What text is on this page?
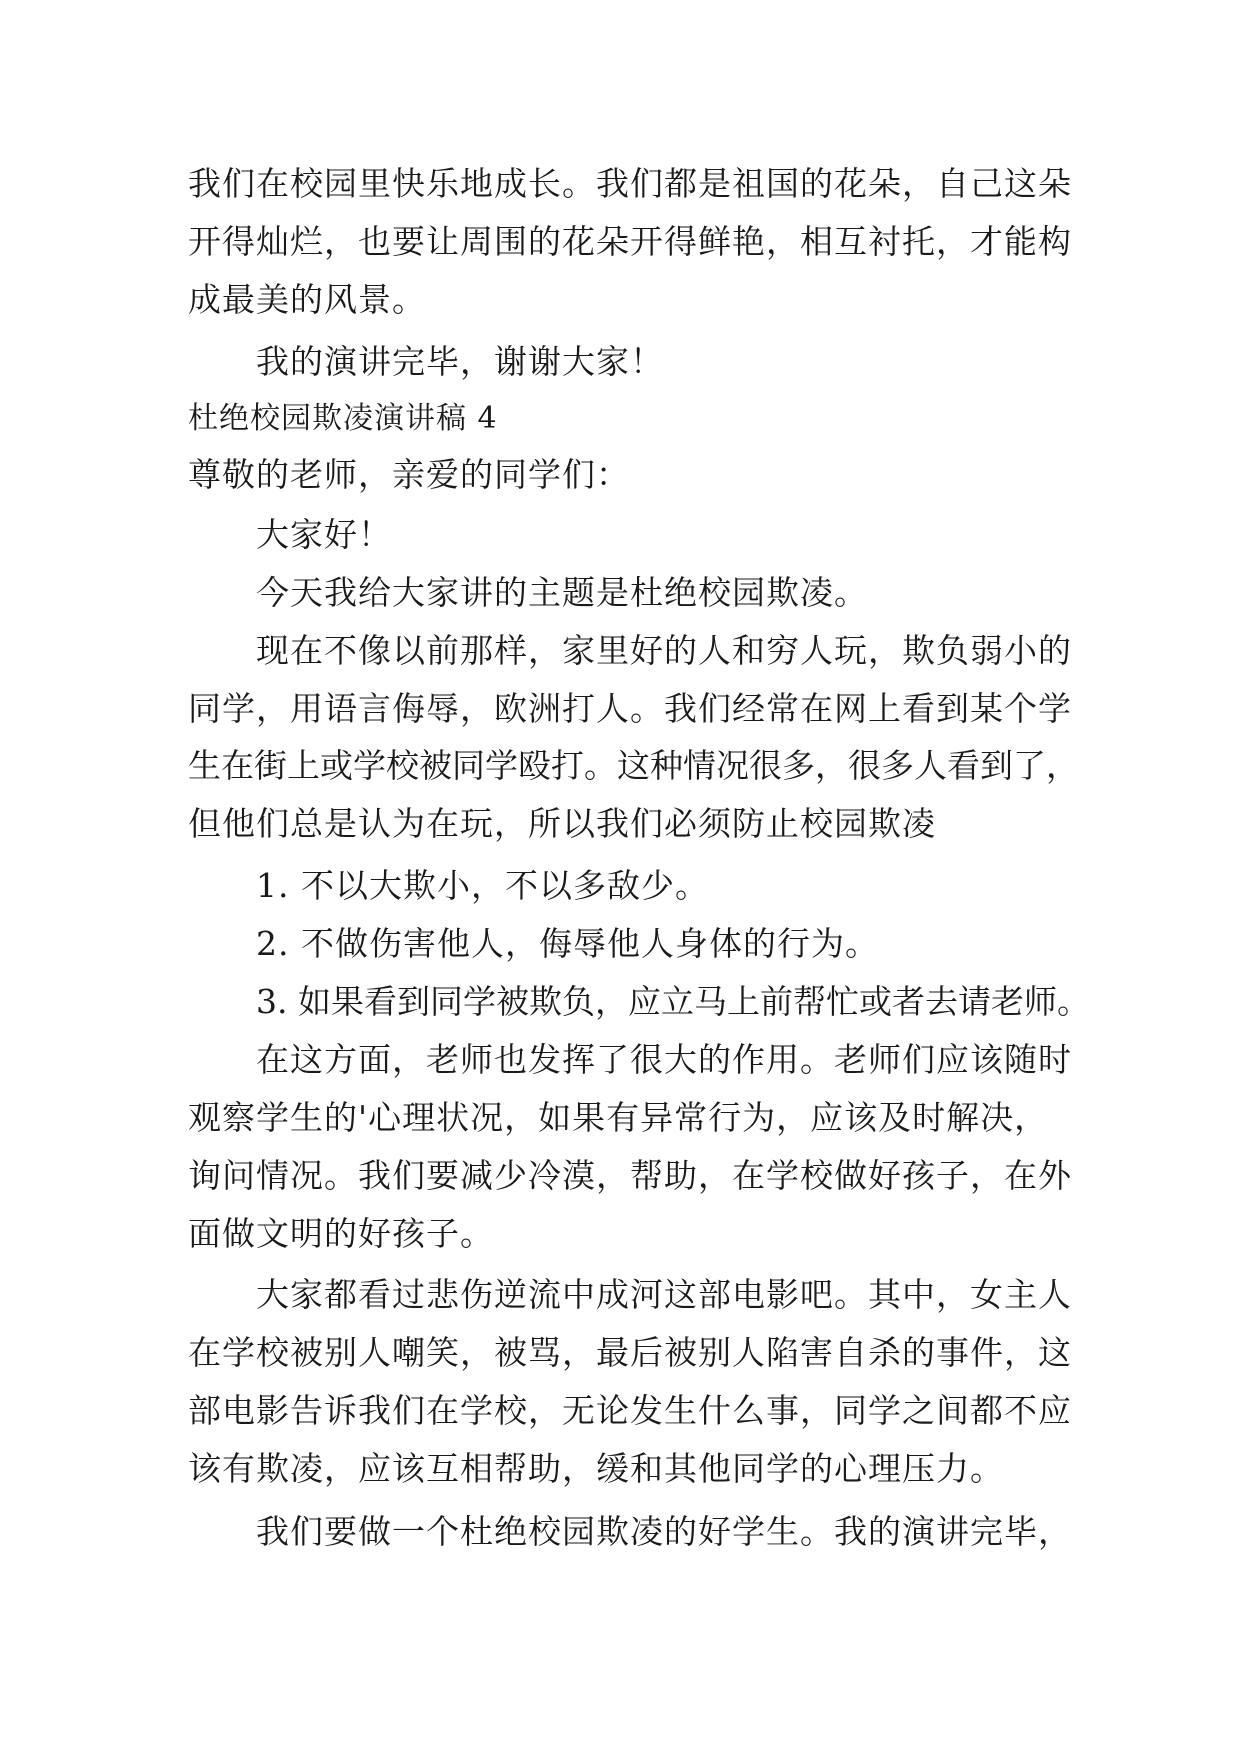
我们在校园里快乐地成长。我们都是祖国的花朵，自己这朵

开得灿烂，也要让周围的花朵开得鲜艳，相互衬托，才能构

成最美的风景。

我的演讲完毕，谢谢大家！

杜绝校园欺凌演讲稿 4

尊敬的老师，亲爱的同学们：

大家好！

今天我给大家讲的主题是杜绝校园欺凌。

现在不像以前那样，家里好的人和穷人玩，欺负弱小的

同学，用语言侮辱，欧洲打人。我们经常在网上看到某个学

生在街上或学校被同学殴打。这种情况很多，很多人看到了，

但他们总是认为在玩，所以我们必须防止校园欺凌

1. 不以大欺小，不以多敌少。

2. 不做伤害他人，侮辱他人身体的行为。

3. 如果看到同学被欺负，应立马上前帮忙或者去请老师。

在这方面，老师也发挥了很大的作用。老师们应该随时

观察学生的'心理状况，如果有异常行为，应该及时解决，

询问情况。我们要减少冷漠，帮助，在学校做好孩子，在外

面做文明的好孩子。

大家都看过悲伤逆流中成河这部电影吧。其中，女主人

在学校被别人嘲笑，被骂，最后被别人陷害自杀的事件，这

部电影告诉我们在学校，无论发生什么事，同学之间都不应

该有欺凌，应该互相帮助，缓和其他同学的心理压力。

我们要做一个杜绝校园欺凌的好学生。我的演讲完毕，
